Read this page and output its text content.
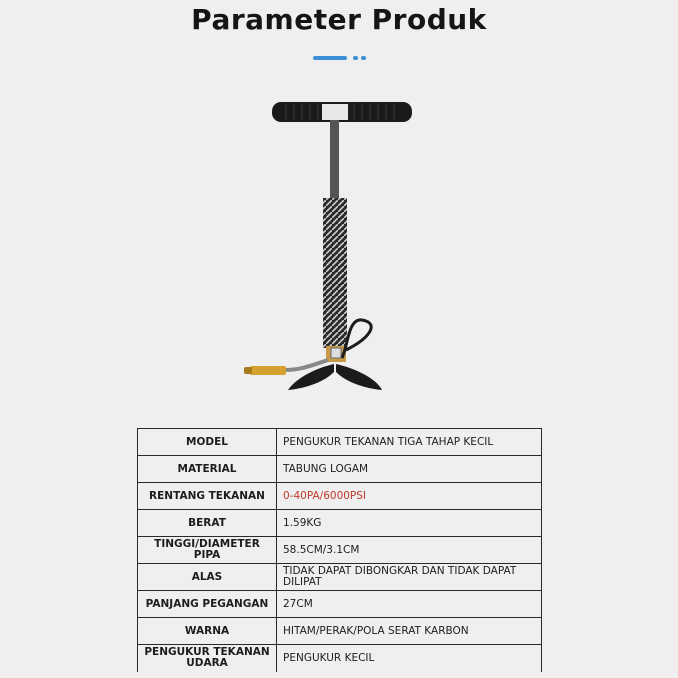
Parameter Produk
MODEL	PENGUKUR TEKANAN TIGA TAHAP KECIL
MATERIAL	TABUNG LOGAM
RENTANG TEKANAN	0-40PA/6000PSI
BERAT	1.59KG
TINGGI/DIAMETER PIPA	58.5CM/3.1CM
ALAS	TIDAK DAPAT DIBONGKAR DAN TIDAK DAPAT DILIPAT
PANJANG PEGANGAN	27CM
WARNA	HITAM/PERAK/POLA SERAT KARBON
PENGUKUR TEKANAN UDARA	PENGUKUR KECIL
